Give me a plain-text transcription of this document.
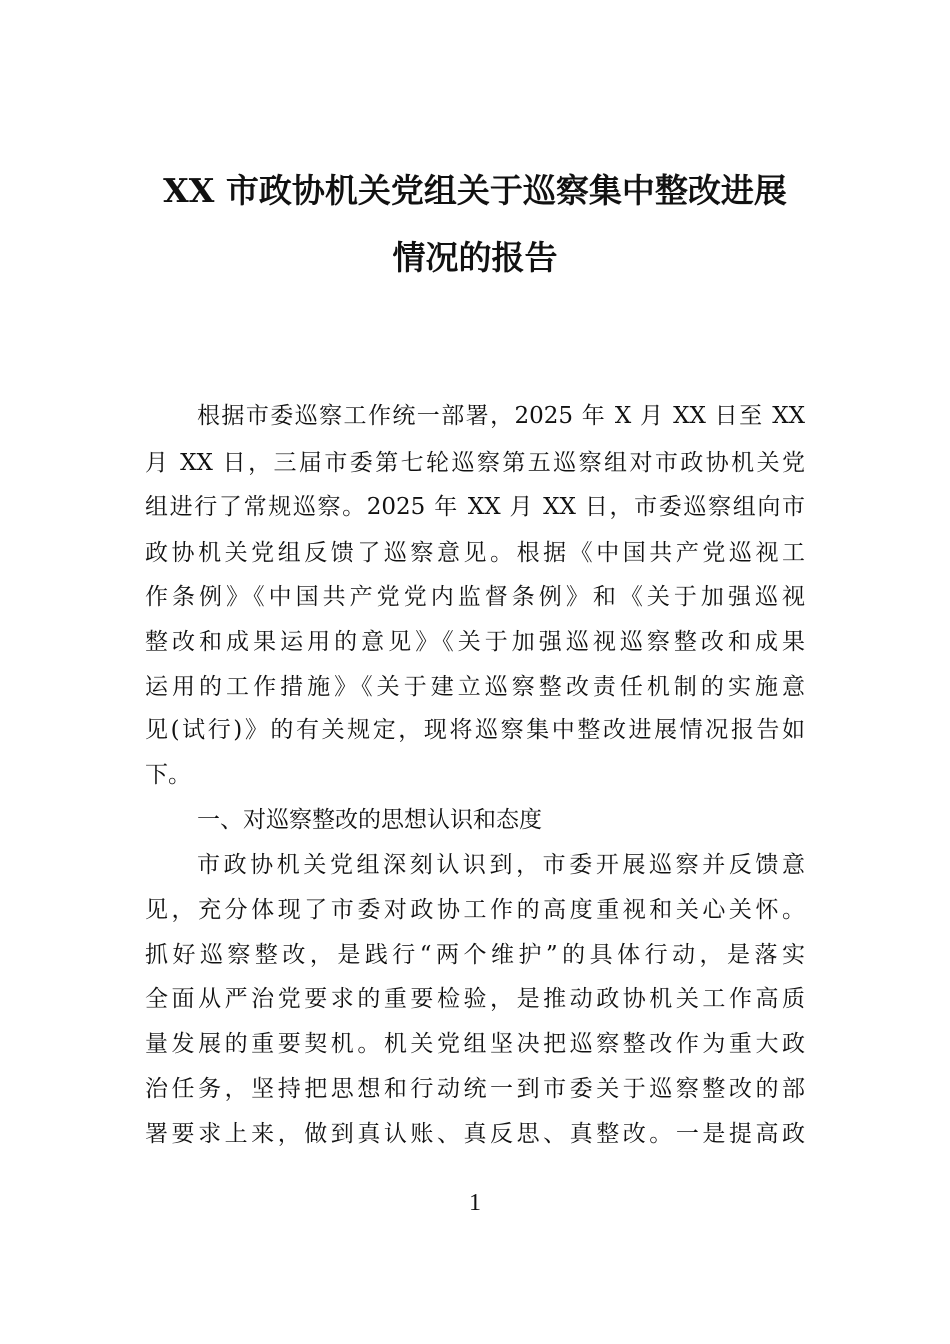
XX 市政协机关党组关于巡察集中整改进展
情况的报告
根据市委巡察工作统一部署，2025 年 X 月 XX 日至 XX
月 XX 日，三届市委第七轮巡察第五巡察组对市政协机关党
组进行了常规巡察。2025 年 XX 月 XX 日，市委巡察组向市
政协机关党组反馈了巡察意见。根据《中国共产党巡视工
作条例》《中国共产党党内监督条例》和《关于加强巡视
整改和成果运用的意见》《关于加强巡视巡察整改和成果
运用的工作措施》《关于建立巡察整改责任机制的实施意
见(试行)》的有关规定，现将巡察集中整改进展情况报告如
下。
一、对巡察整改的思想认识和态度
市政协机关党组深刻认识到，市委开展巡察并反馈意
见，充分体现了市委对政协工作的高度重视和关心关怀。
抓好巡察整改，是践行“两个维护”的具体行动，是落实
全面从严治党要求的重要检验，是推动政协机关工作高质
量发展的重要契机。机关党组坚决把巡察整改作为重大政
治任务，坚持把思想和行动统一到市委关于巡察整改的部
署要求上来，做到真认账、真反思、真整改。一是提高政
1
